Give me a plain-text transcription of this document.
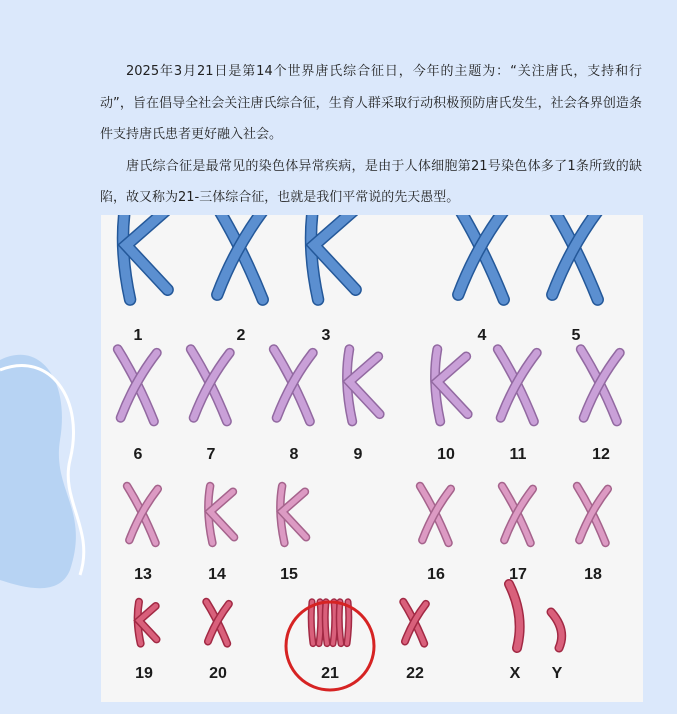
2025年3月21日是第14个世界唐氏综合征日，今年的主题为：“关注唐氏，支持和行动”，旨在倡导全社会关注唐氏综合征，生育人群采取行动积极预防唐氏发生，社会各界创造条件支持唐氏患者更好融入社会。

唐氏综合征是最常见的染色体异常疾病，是由于人体细胞第21号染色体多了1条所致的缺陷，故又称为21-三体综合征，也就是我们平常说的先天愚型。

1	2	3	4	5
6	7	8	9	10	11	12
13	14	15	16	17	18
19	20	21	22	X Y
